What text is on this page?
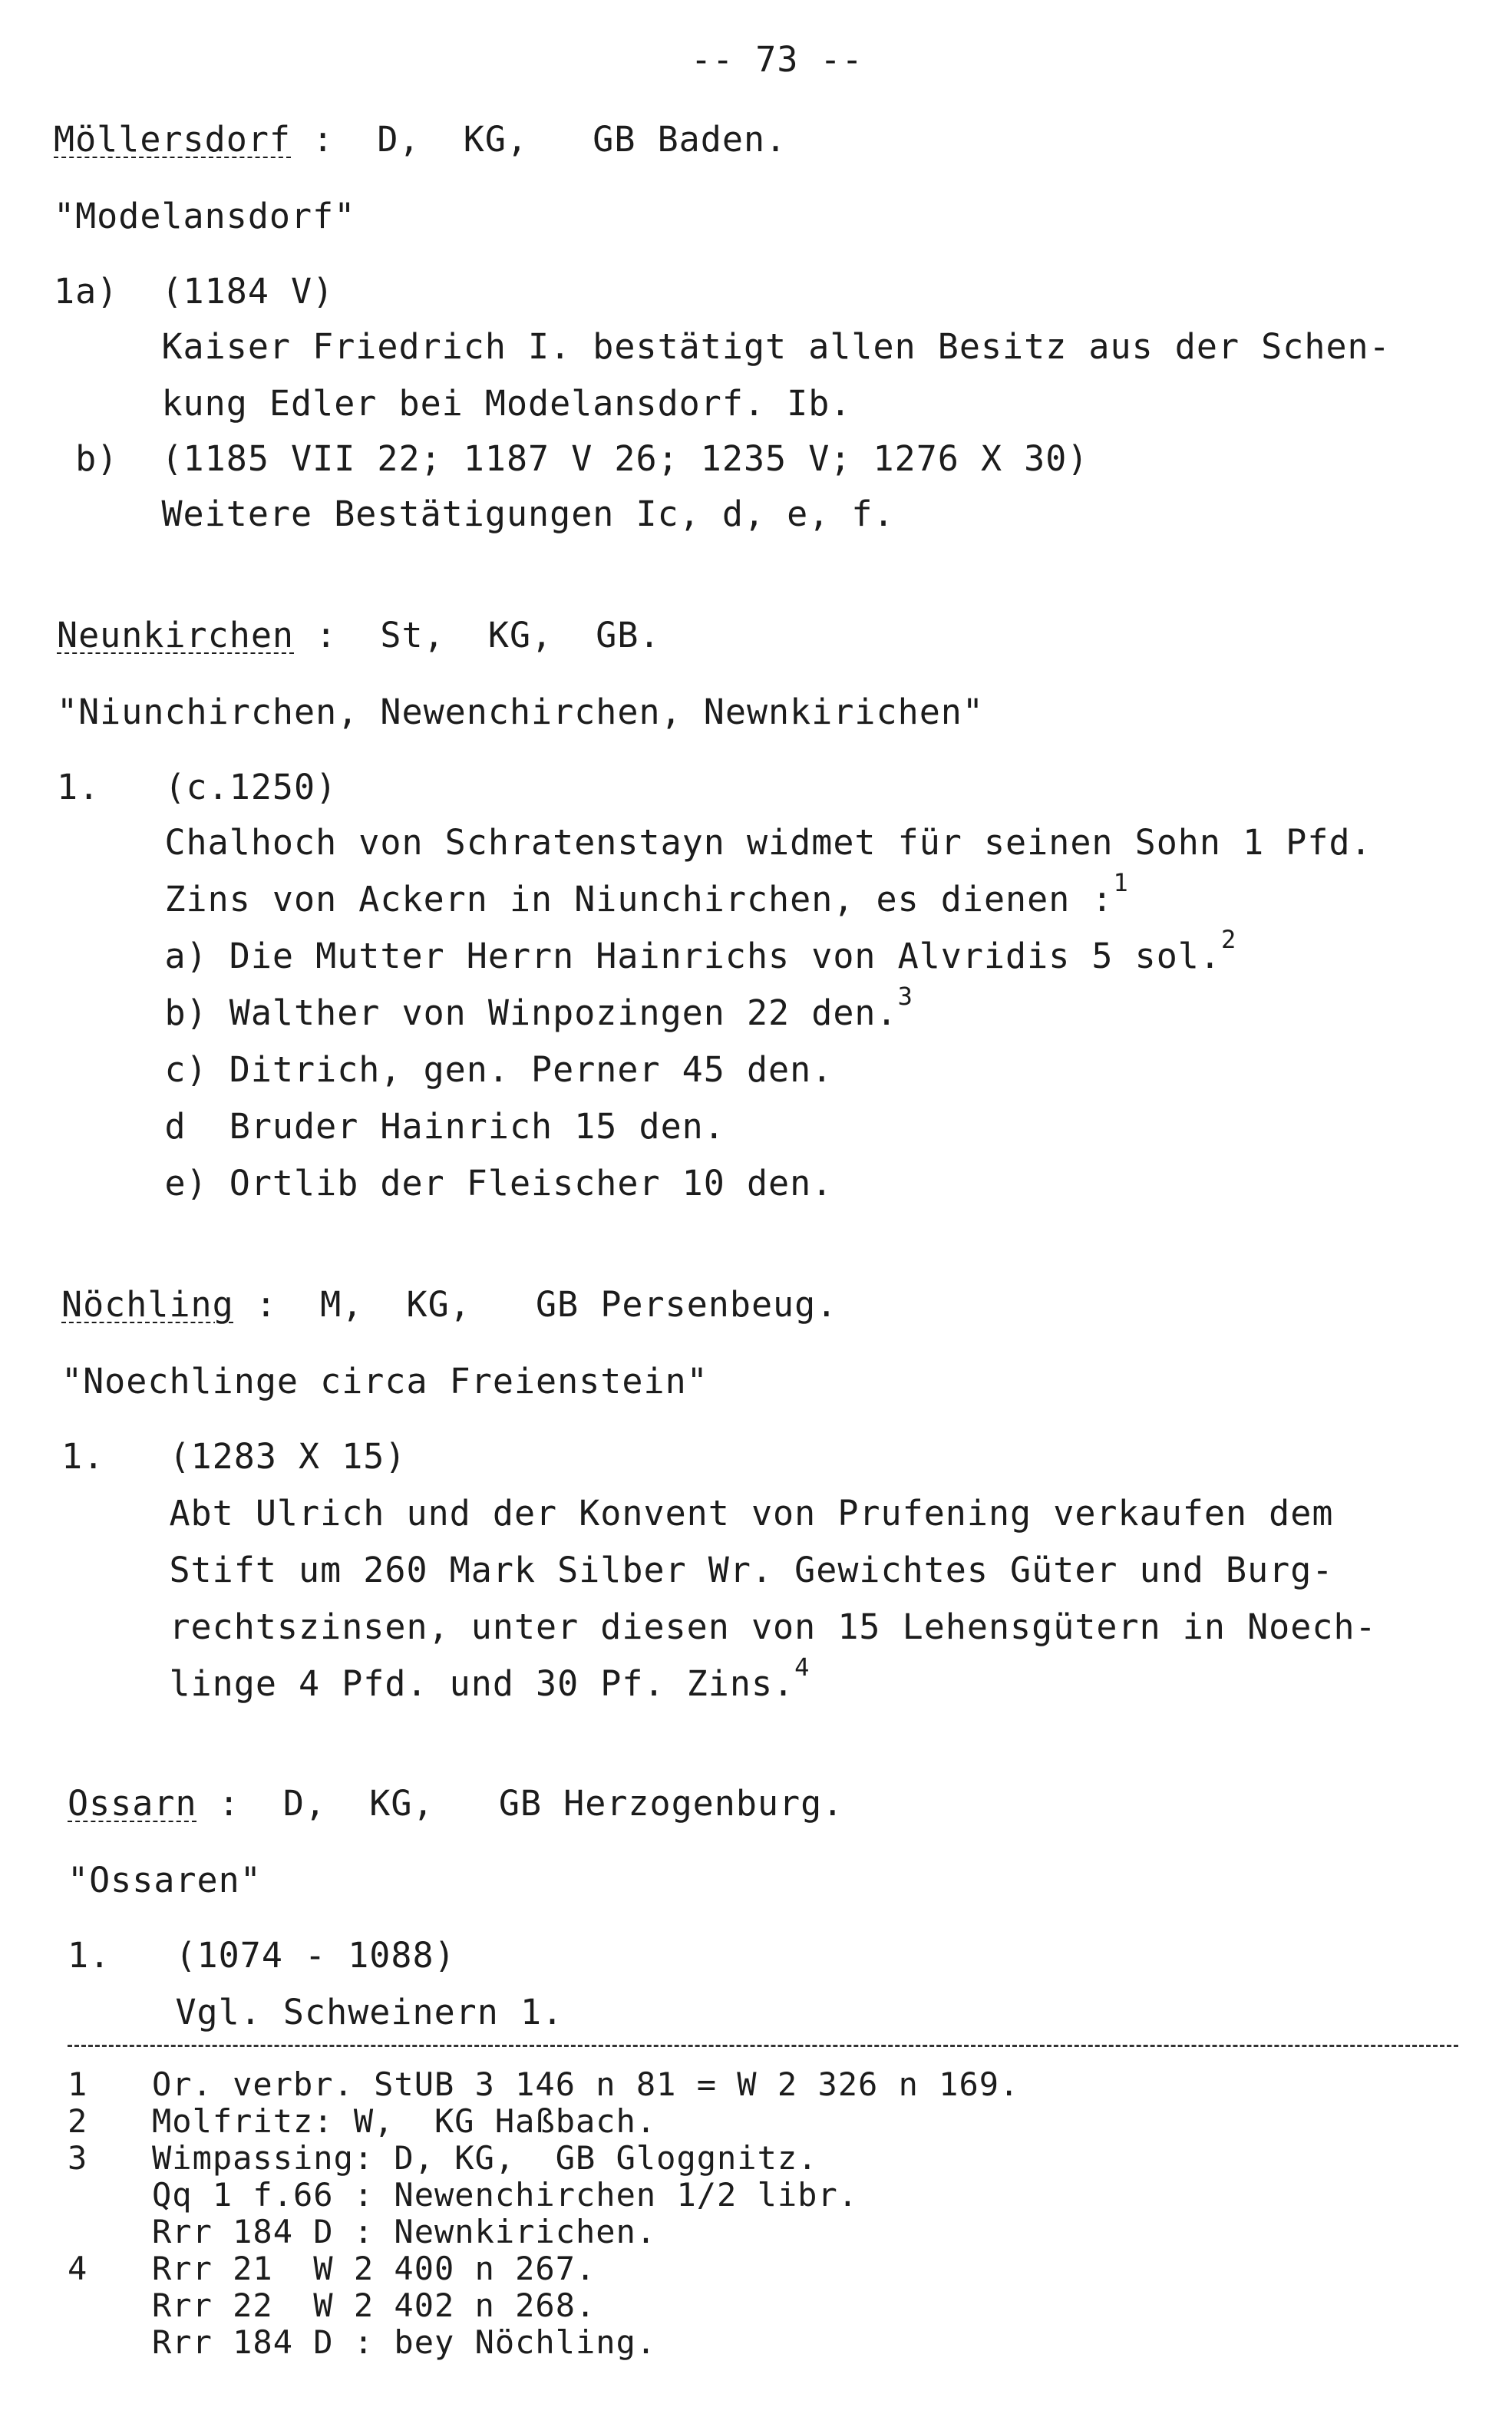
-- 73 --
Möllersdorf :  D,  KG,   GB Baden.
"Modelansdorf"
1a)  (1184 V)
Kaiser Friedrich I. bestätigt allen Besitz aus der Schen-
kung Edler bei Modelansdorf. Ib.
b)  (1185 VII 22; 1187 V 26; 1235 V; 1276 X 30)
Weitere Bestätigungen Ic, d, e, f.
Neunkirchen :  St,  KG,  GB.
"Niunchirchen, Newenchirchen, Newnkirichen"
1.   (c.1250)
Chalhoch von Schratenstayn widmet für seinen Sohn 1 Pfd.
Zins von Ackern in Niunchirchen, es dienen :$^1$
a) Die Mutter Herrn Hainrichs von Alvridis 5 sol.$^2$
b) Walther von Winpozingen 22 den.$^3$
c) Ditrich, gen. Perner 45 den.
d  Bruder Hainrich 15 den.
e) Ortlib der Fleischer 10 den.
Nöchling :  M,  KG,   GB Persenbeug.
"Noechlinge circa Freienstein"
1.   (1283 X 15)
Abt Ulrich und der Konvent von Prufening verkaufen dem
Stift um 260 Mark Silber Wr. Gewichtes Güter und Burg-
rechtszinsen, unter diesen von 15 Lehensgütern in Noech-
linge 4 Pfd. und 30 Pf. Zins.$^4$
Ossarn :  D,  KG,   GB Herzogenburg.
"Ossaren"
1.   (1074 - 1088)
Vgl. Schweinern 1.
1 Or. verbr. StUB 3 146 n 81 = W 2 326 n 169.
2 Molfritz: W,  KG Haßbach.
3 Wimpassing: D, KG,  GB Gloggnitz.
Qq 1 f.66 : Newenchirchen 1/2 libr.
Rrr 184 D : Newnkirichen.
4 Rrr 21  W 2 400 n 267.
Rrr 22  W 2 402 n 268.
Rrr 184 D : bey Nöchling.
